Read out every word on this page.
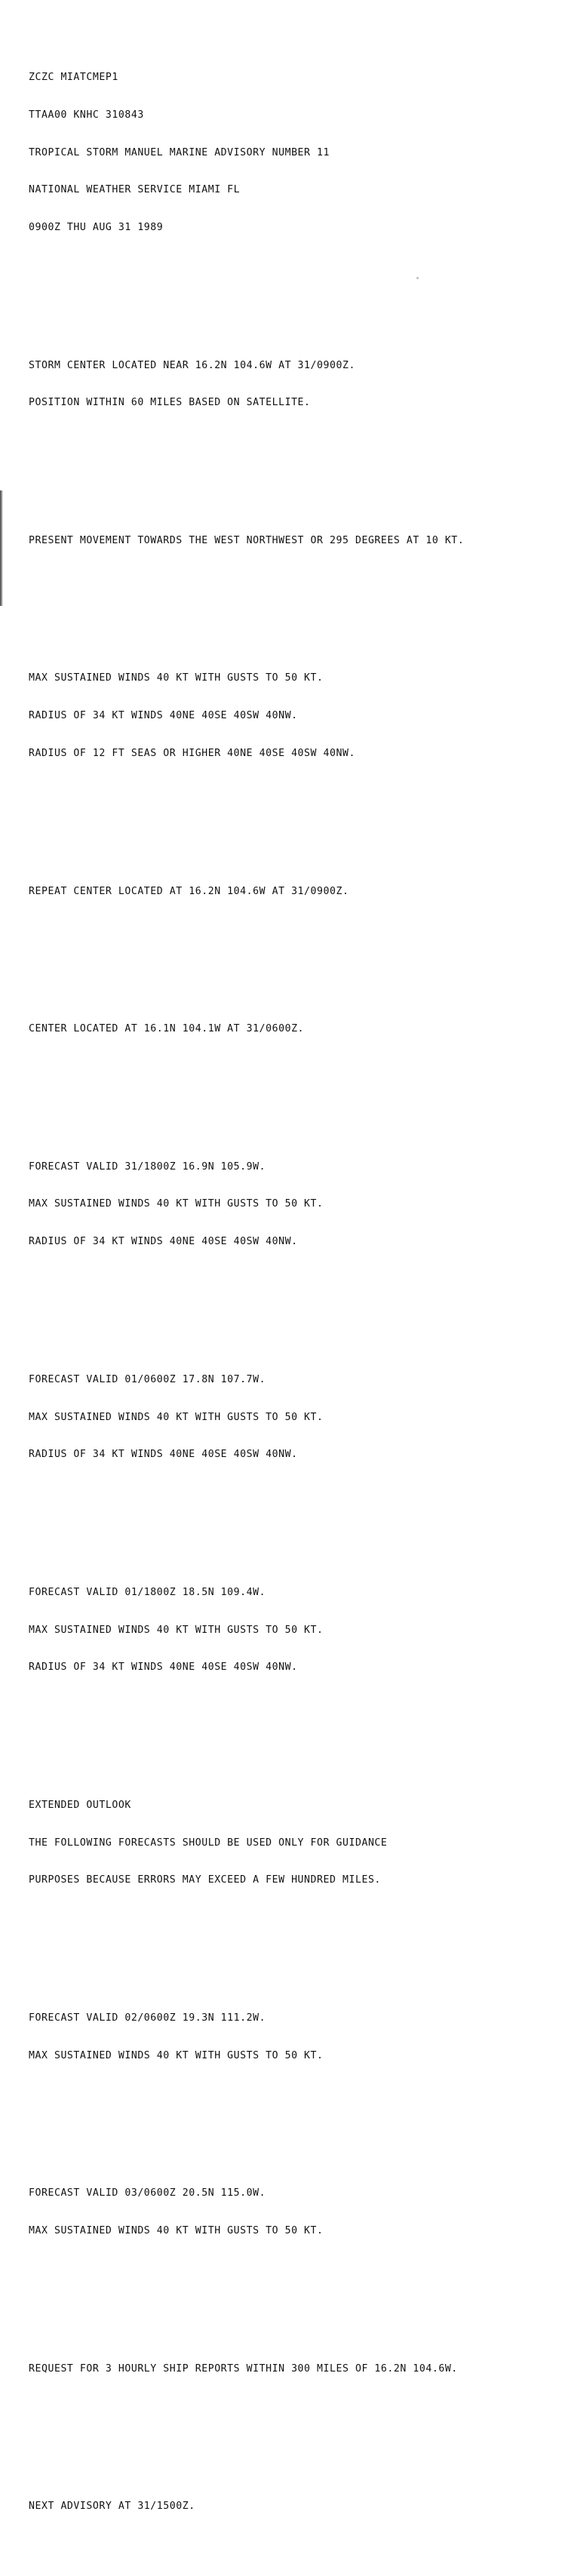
ZCZC MIATCMEP1

TTAA00 KNHC 310843

TROPICAL STORM MANUEL MARINE ADVISORY NUMBER 11

NATIONAL WEATHER SERVICE MIAMI FL

0900Z THU AUG 31 1989

STORM CENTER LOCATED NEAR 16.2N 104.6W AT 31/0900Z.

POSITION WITHIN 60 MILES BASED ON SATELLITE.

PRESENT MOVEMENT TOWARDS THE WEST NORTHWEST OR 295 DEGREES AT 10 KT.

MAX SUSTAINED WINDS 40 KT WITH GUSTS TO 50 KT.

RADIUS OF 34 KT WINDS 40NE 40SE 40SW 40NW.

RADIUS OF 12 FT SEAS OR HIGHER 40NE 40SE 40SW 40NW.

REPEAT CENTER LOCATED AT 16.2N 104.6W AT 31/0900Z.

CENTER LOCATED AT 16.1N 104.1W AT 31/0600Z.

FORECAST VALID 31/1800Z 16.9N 105.9W.

MAX SUSTAINED WINDS 40 KT WITH GUSTS TO 50 KT.

RADIUS OF 34 KT WINDS 40NE 40SE 40SW 40NW.

FORECAST VALID 01/0600Z 17.8N 107.7W.

MAX SUSTAINED WINDS 40 KT WITH GUSTS TO 50 KT.

RADIUS OF 34 KT WINDS 40NE 40SE 40SW 40NW.

FORECAST VALID 01/1800Z 18.5N 109.4W.

MAX SUSTAINED WINDS 40 KT WITH GUSTS TO 50 KT.

RADIUS OF 34 KT WINDS 40NE 40SE 40SW 40NW.

EXTENDED OUTLOOK

THE FOLLOWING FORECASTS SHOULD BE USED ONLY FOR GUIDANCE

PURPOSES BECAUSE ERRORS MAY EXCEED A FEW HUNDRED MILES.

FORECAST VALID 02/0600Z 19.3N 111.2W.

MAX SUSTAINED WINDS 40 KT WITH GUSTS TO 50 KT.

FORECAST VALID 03/0600Z 20.5N 115.0W.

MAX SUSTAINED WINDS 40 KT WITH GUSTS TO 50 KT.

REQUEST FOR 3 HOURLY SHIP REPORTS WITHIN 300 MILES OF 16.2N 104.6W.

NEXT ADVISORY AT 31/1500Z.
